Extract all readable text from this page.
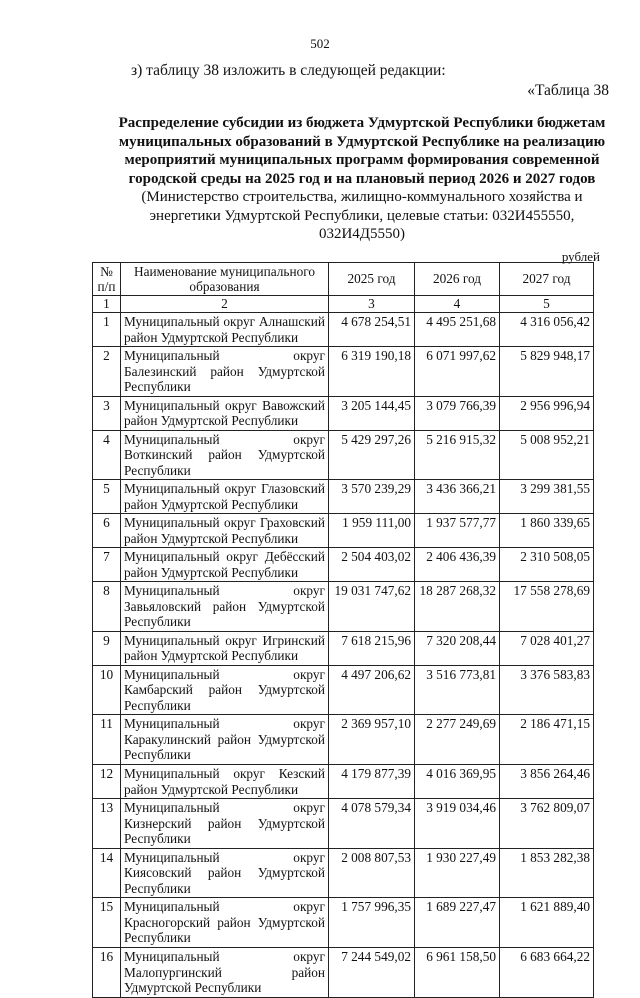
502
з) таблицу 38 изложить в следующей редакции:
«Таблица 38
Распределение субсидии из бюджета Удмуртской Республики бюджетам
муниципальных образований в Удмуртской Республике на реализацию
мероприятий муниципальных программ формирования современной
городской среды на 2025 год и на плановый период 2026 и 2027 годов
(Министерство строительства, жилищно-коммунального хозяйства и
энергетики Удмуртской Республики, целевые статьи: 032И455550,
032И4Д5550)
рублей
№ п/п	Наименование муниципального образования	2025 год	2026 год	2027 год
1	2	3	4	5
1	Муниципальный округ Алнашский район Удмуртской Республики	4 678 254,51	4 495 251,68	4 316 056,42
2	Муниципальный округ Балезинский район Удмуртской Республики	6 319 190,18	6 071 997,62	5 829 948,17
3	Муниципальный округ Вавожский район Удмуртской Республики	3 205 144,45	3 079 766,39	2 956 996,94
4	Муниципальный округ Воткинский район Удмуртской Республики	5 429 297,26	5 216 915,32	5 008 952,21
5	Муниципальный округ Глазовский район Удмуртской Республики	3 570 239,29	3 436 366,21	3 299 381,55
6	Муниципальный округ Граховский район Удмуртской Республики	1 959 111,00	1 937 577,77	1 860 339,65
7	Муниципальный округ Дебёсский район Удмуртской Республики	2 504 403,02	2 406 436,39	2 310 508,05
8	Муниципальный округ Завьяловский район Удмуртской Республики	19 031 747,62	18 287 268,32	17 558 278,69
9	Муниципальный округ Игринский район Удмуртской Республики	7 618 215,96	7 320 208,44	7 028 401,27
10	Муниципальный округ Камбарский район Удмуртской Республики	4 497 206,62	3 516 773,81	3 376 583,83
11	Муниципальный округ Каракулинский район Удмуртской Республики	2 369 957,10	2 277 249,69	2 186 471,15
12	Муниципальный округ Кезский район Удмуртской Республики	4 179 877,39	4 016 369,95	3 856 264,46
13	Муниципальный округ Кизнерский район Удмуртской Республики	4 078 579,34	3 919 034,46	3 762 809,07
14	Муниципальный округ Киясовский район Удмуртской Республики	2 008 807,53	1 930 227,49	1 853 282,38
15	Муниципальный округ Красногорский район Удмуртской Республики	1 757 996,35	1 689 227,47	1 621 889,40
16	Муниципальный округ Малопургинский район Удмуртской Республики	7 244 549,02	6 961 158,50	6 683 664,22
